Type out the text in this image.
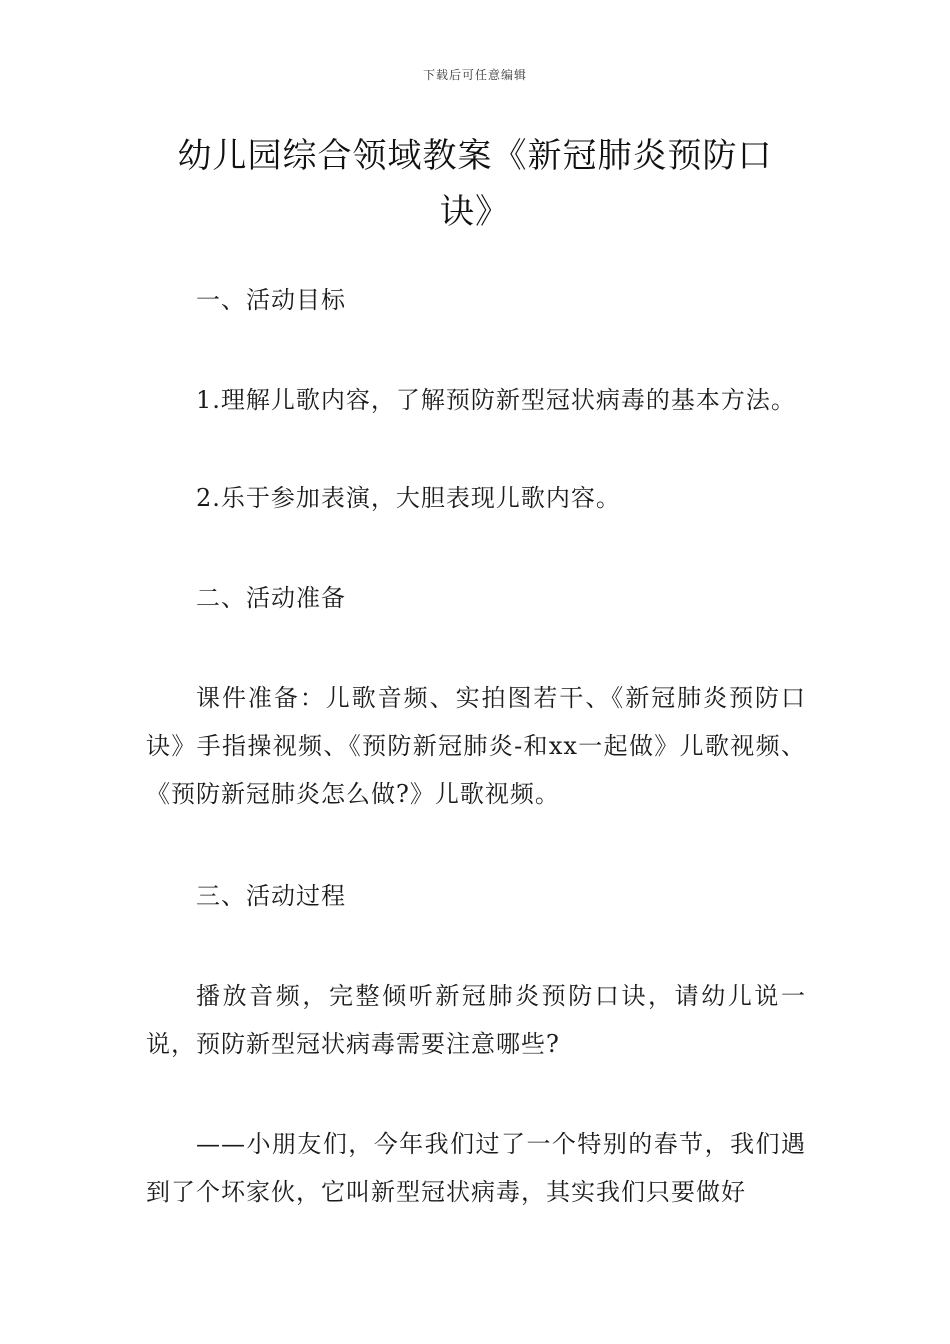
下载后可任意编辑
幼儿园综合领域教案《新冠肺炎预防口诀》

一、活动目标

1.理解儿歌内容，了解预防新型冠状病毒的基本方法。

2.乐于参加表演，大胆表现儿歌内容。

二、活动准备

课件准备：儿歌音频、实拍图若干、《新冠肺炎预防口诀》手指操视频、《预防新冠肺炎-和xx一起做》儿歌视频、《预防新冠肺炎怎么做?》儿歌视频。

三、活动过程

播放音频，完整倾听新冠肺炎预防口诀，请幼儿说一说，预防新型冠状病毒需要注意哪些?

——小朋友们，今年我们过了一个特别的春节，我们遇到了个坏家伙，它叫新型冠状病毒，其实我们只要做好
